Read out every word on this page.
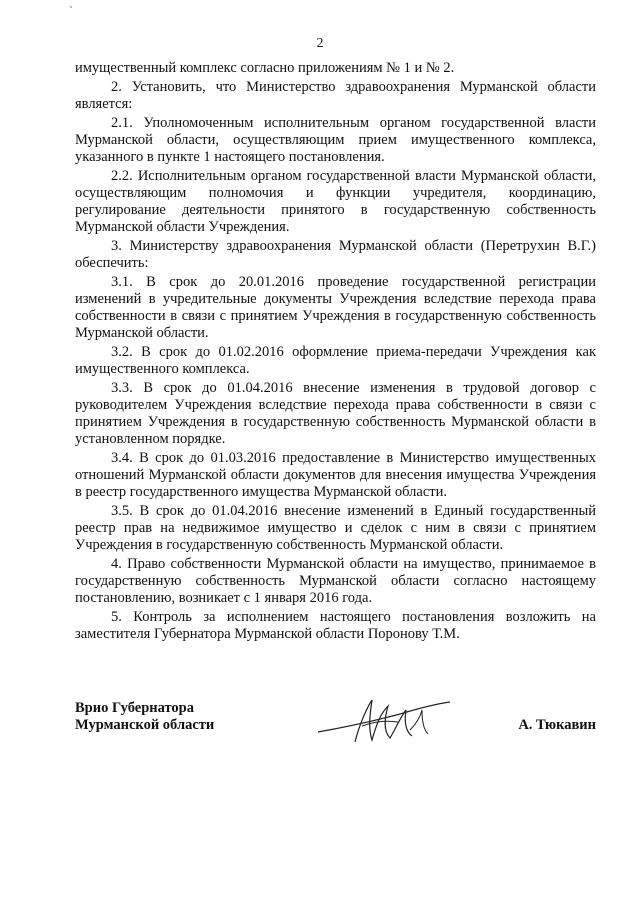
2

имущественный комплекс согласно приложениям № 1 и № 2.

2. Установить, что Министерство здравоохранения Мурманской области является:

2.1. Уполномоченным исполнительным органом государственной власти Мурманской области, осуществляющим прием имущественного комплекса, указанного в пункте 1 настоящего постановления.

2.2. Исполнительным органом государственной власти Мурманской области, осуществляющим полномочия и функции учредителя, координацию, регулирование деятельности принятого в государственную собственность Мурманской области Учреждения.

3. Министерству здравоохранения Мурманской области (Перетрухин В.Г.) обеспечить:

3.1. В срок до 20.01.2016 проведение государственной регистрации изменений в учредительные документы Учреждения вследствие перехода права собственности в связи с принятием Учреждения в государственную собственность Мурманской области.

3.2. В срок до 01.02.2016 оформление приема-передачи Учреждения как имущественного комплекса.

3.3. В срок до 01.04.2016 внесение изменения в трудовой договор с руководителем Учреждения вследствие перехода права собственности в связи с принятием Учреждения в государственную собственность Мурманской области в установленном порядке.

3.4. В срок до 01.03.2016 предоставление в Министерство имущественных отношений Мурманской области документов для внесения имущества Учреждения в реестр государственного имущества Мурманской области.

3.5. В срок до 01.04.2016 внесение изменений в Единый государственный реестр прав на недвижимое имущество и сделок с ним в связи с принятием Учреждения в государственную собственность Мурманской области.

4. Право собственности Мурманской области на имущество, принимаемое в государственную собственность Мурманской области согласно настоящему постановлению, возникает с 1 января 2016 года.

5. Контроль за исполнением настоящего постановления возложить на заместителя Губернатора Мурманской области Поронову Т.М.

Врио Губернатора
Мурманской области	А. Тюкавин
